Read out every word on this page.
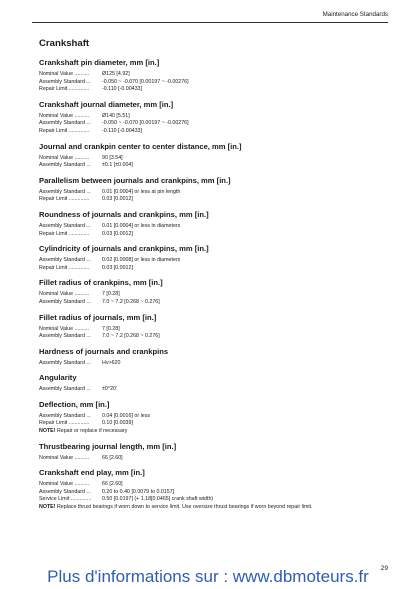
Maintenance Standards
Crankshaft
Crankshaft pin diameter, mm [in.]
Nominal Value .......... Ø125 [4.92]
Assembly Standard ... -0.050 ~ -0.070 [0.00197 ~ -0.00276]
Repair Limit .............. -0.110 [-0.00433]
Crankshaft journal diameter, mm [in.]
Nominal Value .......... Ø140 [5.51]
Assembly Standard ... -0.050 ~ -0.070 [0.00197 ~ -0.00276]
Repair Limit .............. -0.110 [-0.00433]
Journal and crankpin center to center distance, mm [in.]
Nominal Value .......... 90 [3.54]
Assembly Standard ... ±0.1 [±0.004]
Parallelism between journals and crankpins, mm [in.]
Assembly Standard ... 0.01 [0.0004] or less at pin length
Repair Limit .............. 0.03 [0.0012]
Roundness of journals and crankpins, mm [in.]
Assembly Standard ... 0.01 [0.0004] or less in diameters
Repair Limit .............. 0.03 [0.0012]
Cylindricity of journals and crankpins, mm [in.]
Assembly Standard ... 0.02 [0.0008] or less in diameters
Repair Limit .............. 0.03 [0.0012]
Fillet radius of crankpins, mm [in.]
Nominal Value .......... 7 [0.28]
Assembly Standard ... 7.0 ~ 7.2 [0.268 ~ 0.276]
Fillet radius of journals, mm [in.]
Nominal Value .......... 7 [0.28]
Assembly Standard ... 7.0 ~ 7.2 [0.268 ~ 0.276]
Hardness of journals and crankpins
Assembly Standard ... Hv>620
Angularity
Assembly Standard ... ±0°20'
Deflection, mm [in.]
Assembly Standard ... 0.04 [0.0016] or less
Repair Limit .............. 0.10 [0.0039]
NOTE! Repair or replace if necessary
Thrustbearing journal length, mm [in.]
Nominal Value .......... 66 [2.60]
Crankshaft end play, mm [in.]
Nominal Value .......... 66 [2.60]
Assembly Standard ... 0.20 to 0.40 [0.0079 to 0.0157]
Service Limit .............. 0.50 [0.0197] (+ 1.18[0.0465] crank shaft width)
NOTE! Replace thrust bearings if worn down to service limit. Use oversize thrust bearings if worn beyond repair limit.
29
Plus d'informations sur : www.dbmoteurs.fr
